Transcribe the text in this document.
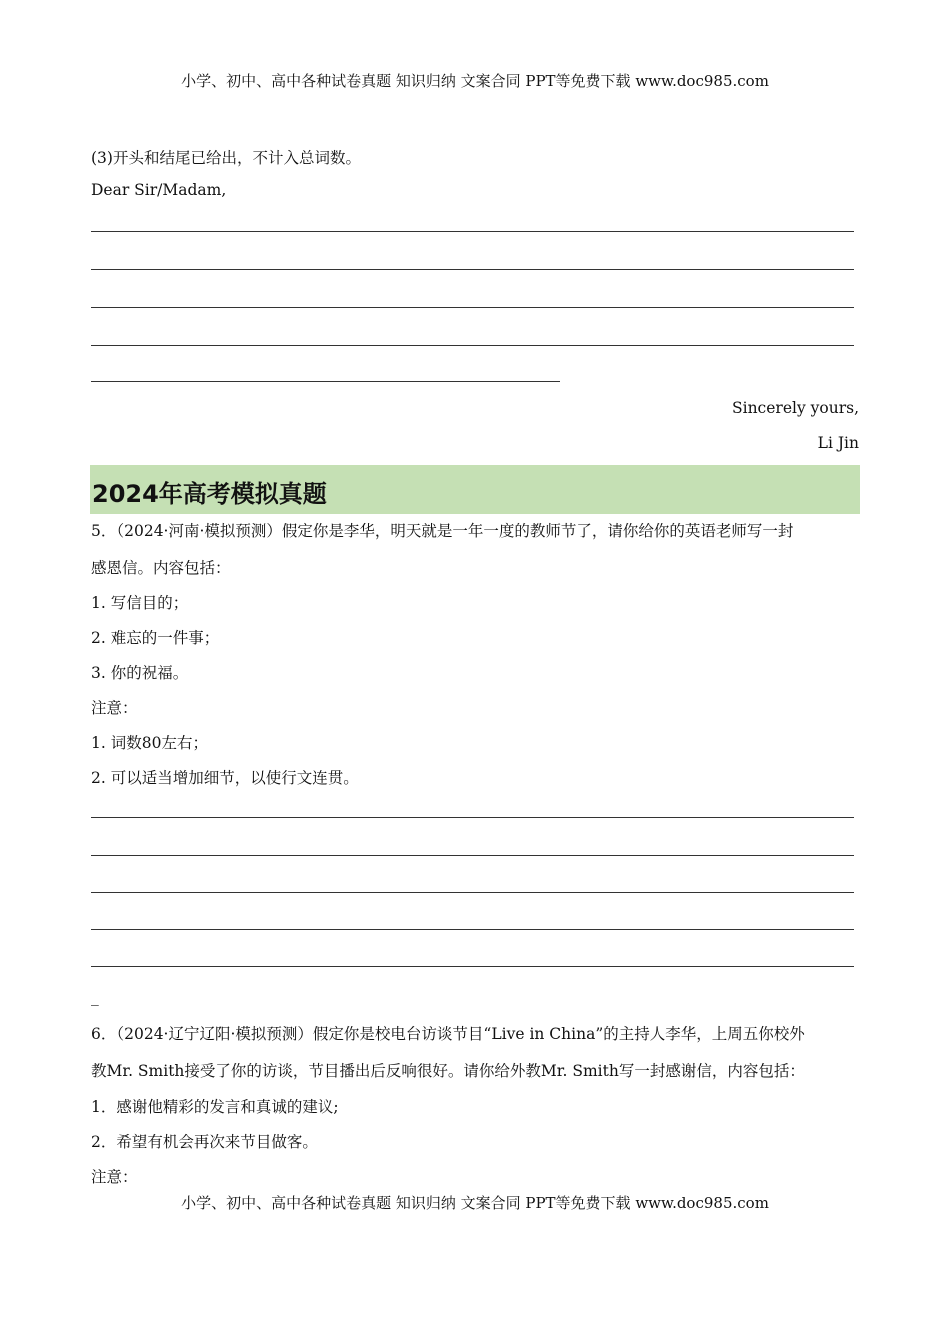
小学、初中、高中各种试卷真题 知识归纳 文案合同 PPT等免费下载 www.doc985.com
(3)开头和结尾已给出，不计入总词数。
Dear Sir/Madam,
Sincerely yours,
Li Jin
2024年高考模拟真题
5．（2024·河南·模拟预测）假定你是李华，明天就是一年一度的教师节了，请你给你的英语老师写一封
感恩信。内容包括：
1. 写信目的；
2. 难忘的一件事；
3. 你的祝福。
注意：
1. 词数80左右；
2. 可以适当增加细节，以使行文连贯。
_
6．（2024·辽宁辽阳·模拟预测）假定你是校电台访谈节目“Live in China”的主持人李华，上周五你校外
教Mr. Smith接受了你的访谈，节目播出后反响很好。请你给外教Mr. Smith写一封感谢信，内容包括：
1．感谢他精彩的发言和真诚的建议;
2．希望有机会再次来节目做客。
注意：
小学、初中、高中各种试卷真题 知识归纳 文案合同 PPT等免费下载 www.doc985.com
